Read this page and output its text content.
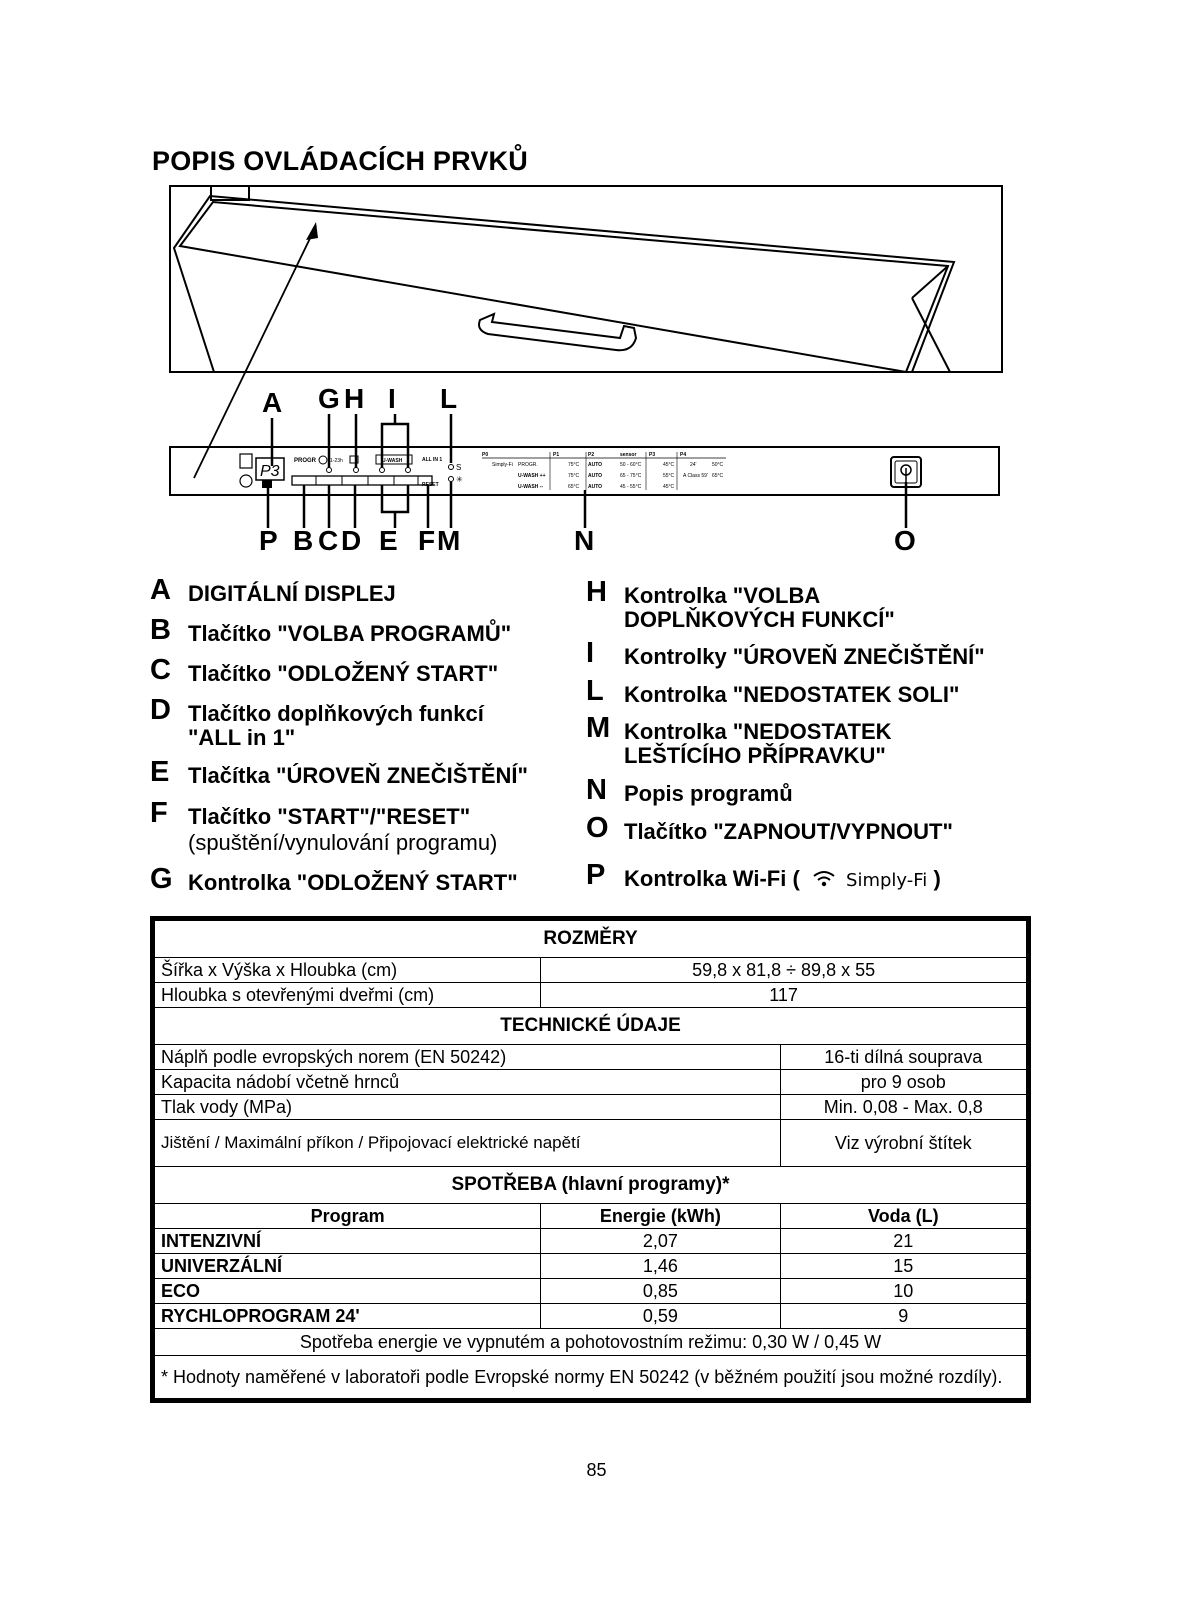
POPIS OVLÁDACÍCH PRVKŮ
P3
PROGR	1-23h	U-WASH	ALL IN 1
RESET
S
✳
P0	P1	P2	sensor	P3	P4
Simply-Fi PROGR.	75°C AUTO	50 - 60°C	45°C	24'	50°C
U-WASH ++	75°C AUTO	65 - 75°C	55°C A Class 59' 65°C
U-WASH --	65°C AUTO	45 - 55°C	45°C
A G H I L
P B C D E F M	N	O
A DIGITÁLNÍ DISPLEJ
B Tlačítko "VOLBA PROGRAMŮ"
C Tlačítko "ODLOŽENÝ START"
D Tlačítko doplňkových funkcí
"ALL in 1"
E Tlačítka "ÚROVEŇ ZNEČIŠTĚNÍ"
F Tlačítko "START"/"RESET"
(spuštění/vynulování programu)
G Kontrolka "ODLOŽENÝ START"
H Kontrolka "VOLBA
DOPLŇKOVÝCH FUNKCÍ"
I Kontrolky "ÚROVEŇ ZNEČIŠTĚNÍ"
L Kontrolka "NEDOSTATEK SOLI"
M Kontrolka "NEDOSTATEK
LEŠTÍCÍHO PŘÍPRAVKU"
N Popis programů
O Tlačítko "ZAPNOUT/VYPNOUT"
P Kontrolka Wi-Fi (	Simply-Fi )
ROZMĚRY		
Šířka x Výška x Hloubka (cm)	59,8 x 81,8 ÷ 89,8 x 55	
Hloubka s otevřenými dveřmi (cm)	117	
TECHNICKÉ ÚDAJE		
Náplň podle evropských norem (EN 50242)		16-ti dílná souprava
Kapacita nádobí včetně hrnců		pro 9 osob
Tlak vody (MPa)		Min. 0,08 - Max. 0,8
Jištění / Maximální příkon / Připojovací elektrické napětí		Viz výrobní štítek
SPOTŘEBA (hlavní programy)*		
Program	Energie (kWh)	Voda (L)
INTENZIVNÍ	2,07	21
UNIVERZÁLNÍ	1,46	15
ECO	0,85	10
RYCHLOPROGRAM 24'	0,59	9
Spotřeba energie ve vypnutém a pohotovostním režimu: 0,30 W / 0,45 W		
* Hodnoty naměřené v laboratoři podle Evropské normy EN 50242 (v běžném použití jsou možné rozdíly).		
85
